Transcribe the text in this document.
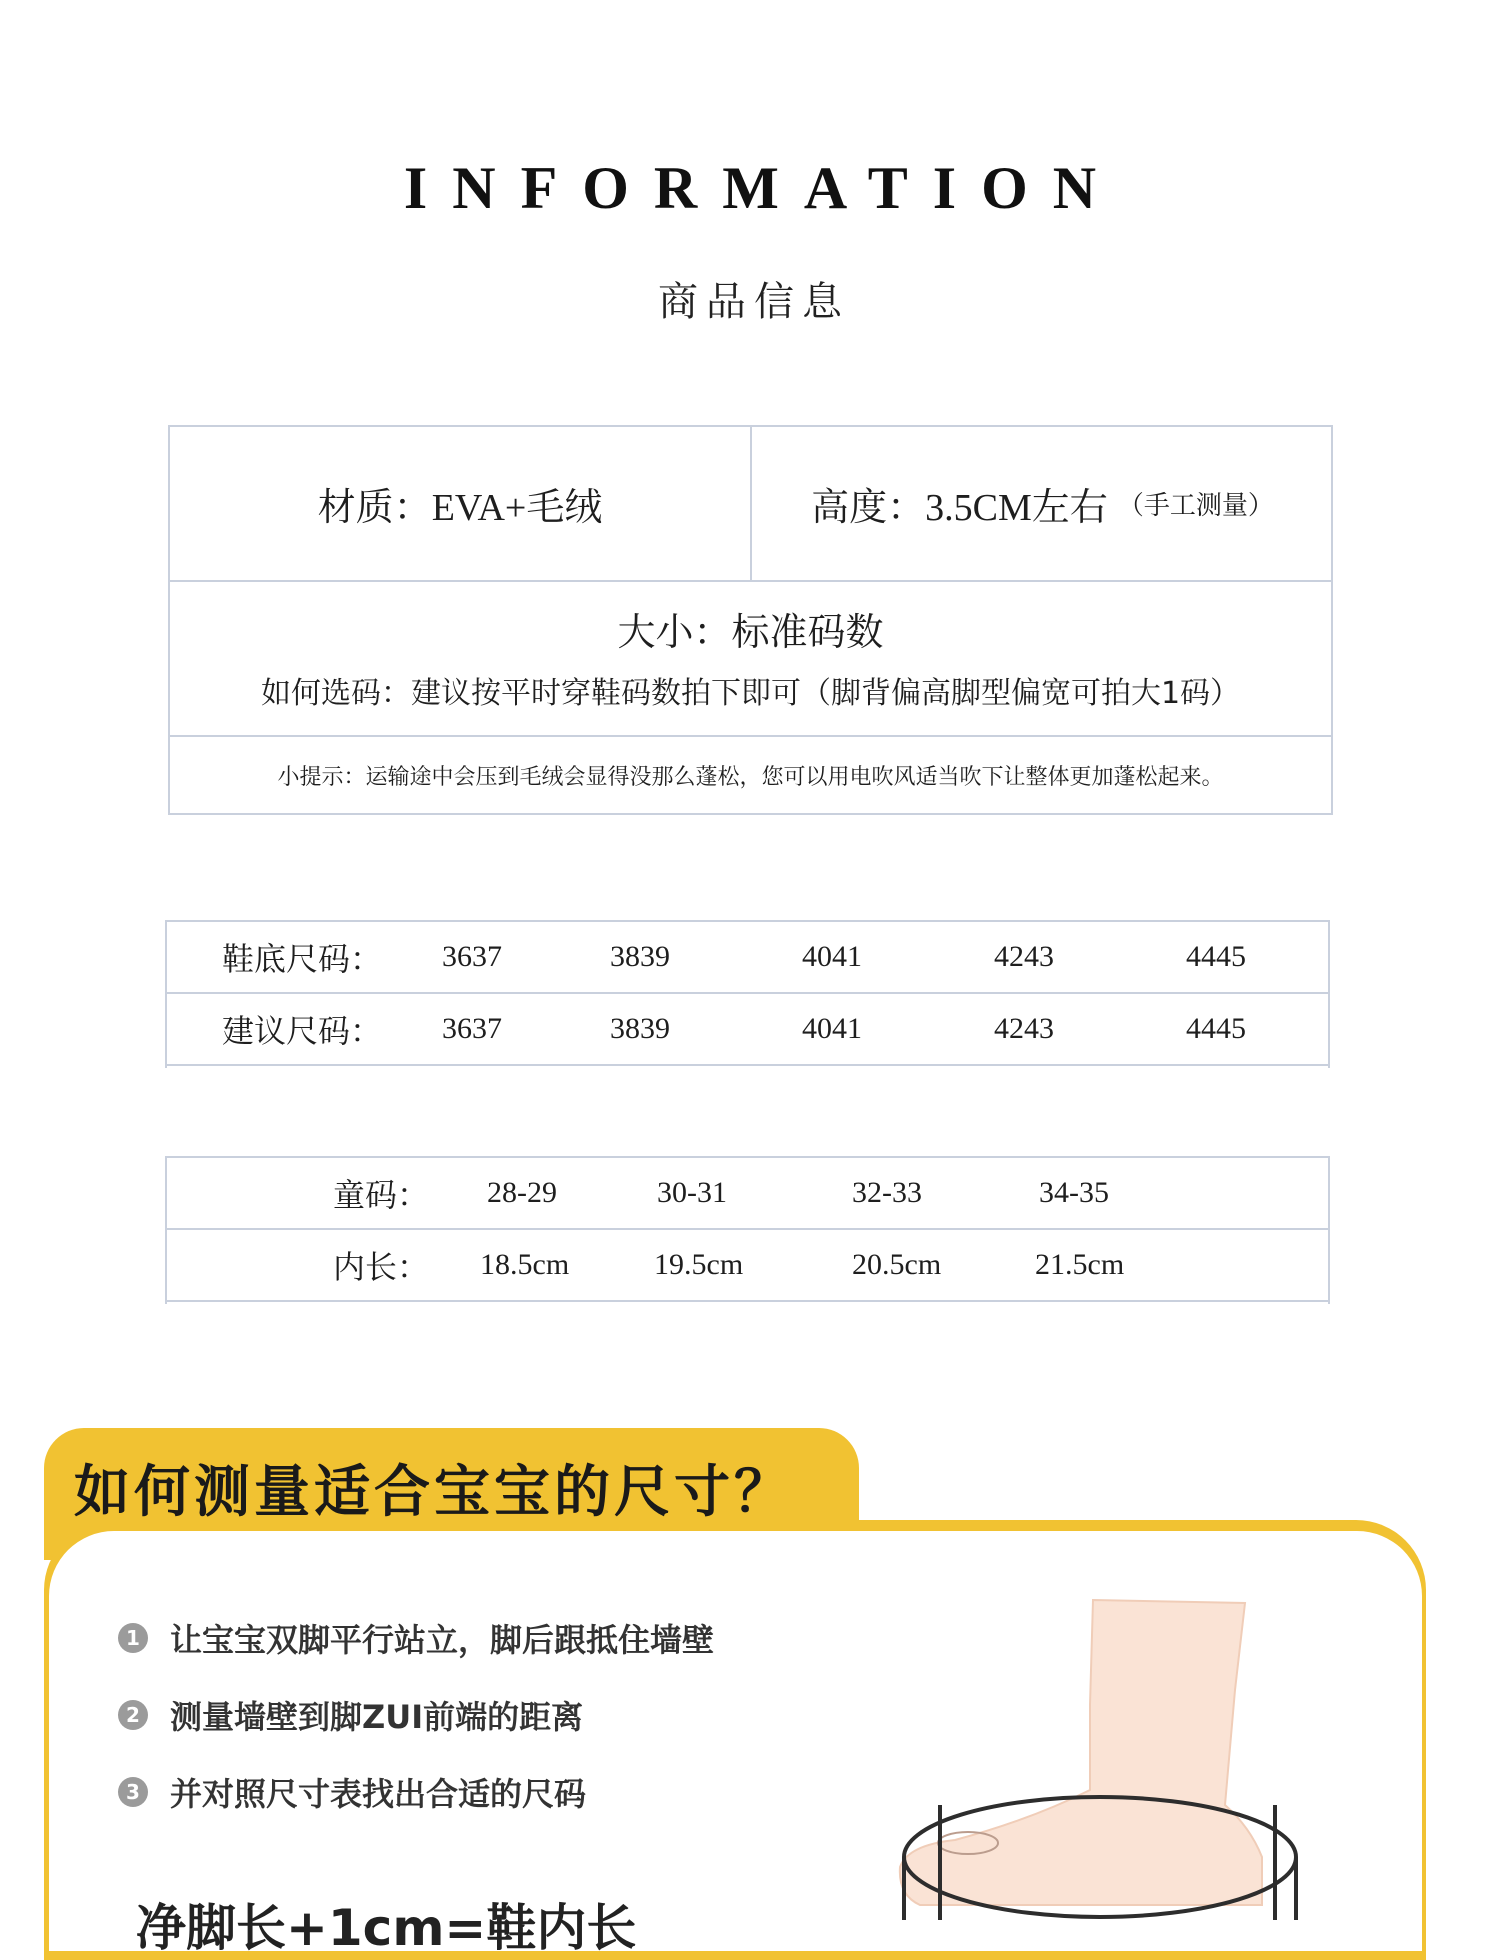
INFORMATION
商品信息
材质： EVA+毛绒	高度： 3.5CM左右 （手工测量）
大小：标准码数
如何选码：建议按平时穿鞋码数拍下即可（脚背偏高脚型偏宽可拍大1码）
小提示：运输途中会压到毛绒会显得没那么蓬松，您可以用电吹风适当吹下让整体更加蓬松起来。
鞋底尺码： 3637	3839	4041	4243	4445
建议尺码： 3637	3839	4041	4243	4445
童码： 28-29	30-31	32-33	34-35
内长： 18.5cm	19.5cm	20.5cm	21.5cm
如何测量适合宝宝的尺寸？
1 让宝宝双脚平行站立，脚后跟抵住墙壁
2 测量墙壁到脚ZUI前端的距离
3 并对照尺寸表找出合适的尺码
净脚长+1cm=鞋内长
